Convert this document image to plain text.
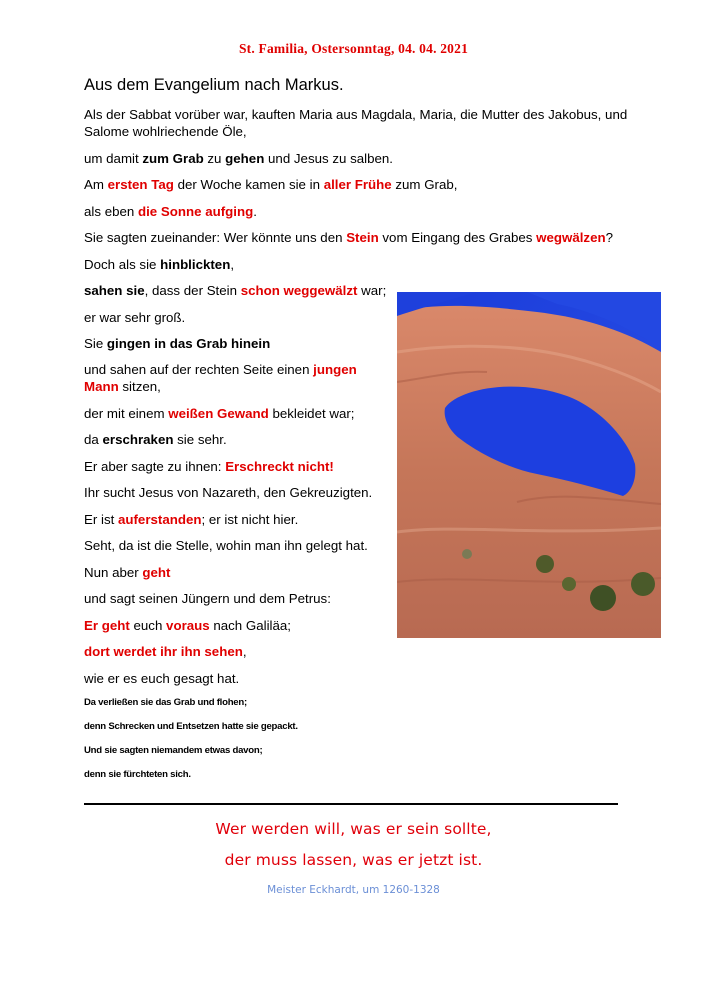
St. Familia, Ostersonntag, 04. 04. 2021
Aus dem Evangelium nach Markus.
Als der Sabbat vorüber war, kauften Maria aus Magdala, Maria, die Mutter des Jakobus, und
Salome wohlriechende Öle,
um damit zum Grab zu gehen und Jesus zu salben.
Am ersten Tag der Woche kamen sie in aller Frühe zum Grab,
als eben die Sonne aufging.
Sie sagten zueinander: Wer könnte uns den Stein vom Eingang des Grabes wegwälzen?
Doch als sie hinblickten,
sahen sie, dass der Stein schon weggewälzt war;
er war sehr groß.
Sie gingen in das Grab hinein
und sahen auf der rechten Seite einen jungen
Mann sitzen,
der mit einem weißen Gewand bekleidet war;
da erschraken sie sehr.
Er aber sagte zu ihnen: Erschreckt nicht!
Ihr sucht Jesus von Nazareth, den Gekreuzigten.
Er ist auferstanden; er ist nicht hier.
Seht, da ist die Stelle, wohin man ihn gelegt hat.
Nun aber geht
und sagt seinen Jüngern und dem Petrus:
Er geht euch voraus nach Galiläa;
dort werdet ihr ihn sehen,
wie er es euch gesagt hat.
Da verließen sie das Grab und flohen;
denn Schrecken und Entsetzen hatte sie gepackt.
Und sie sagten niemandem etwas davon;
denn sie fürchteten sich.
Wer werden will, was er sein sollte,
der muss lassen, was er jetzt ist.
Meister Eckhardt, um 1260-1328
